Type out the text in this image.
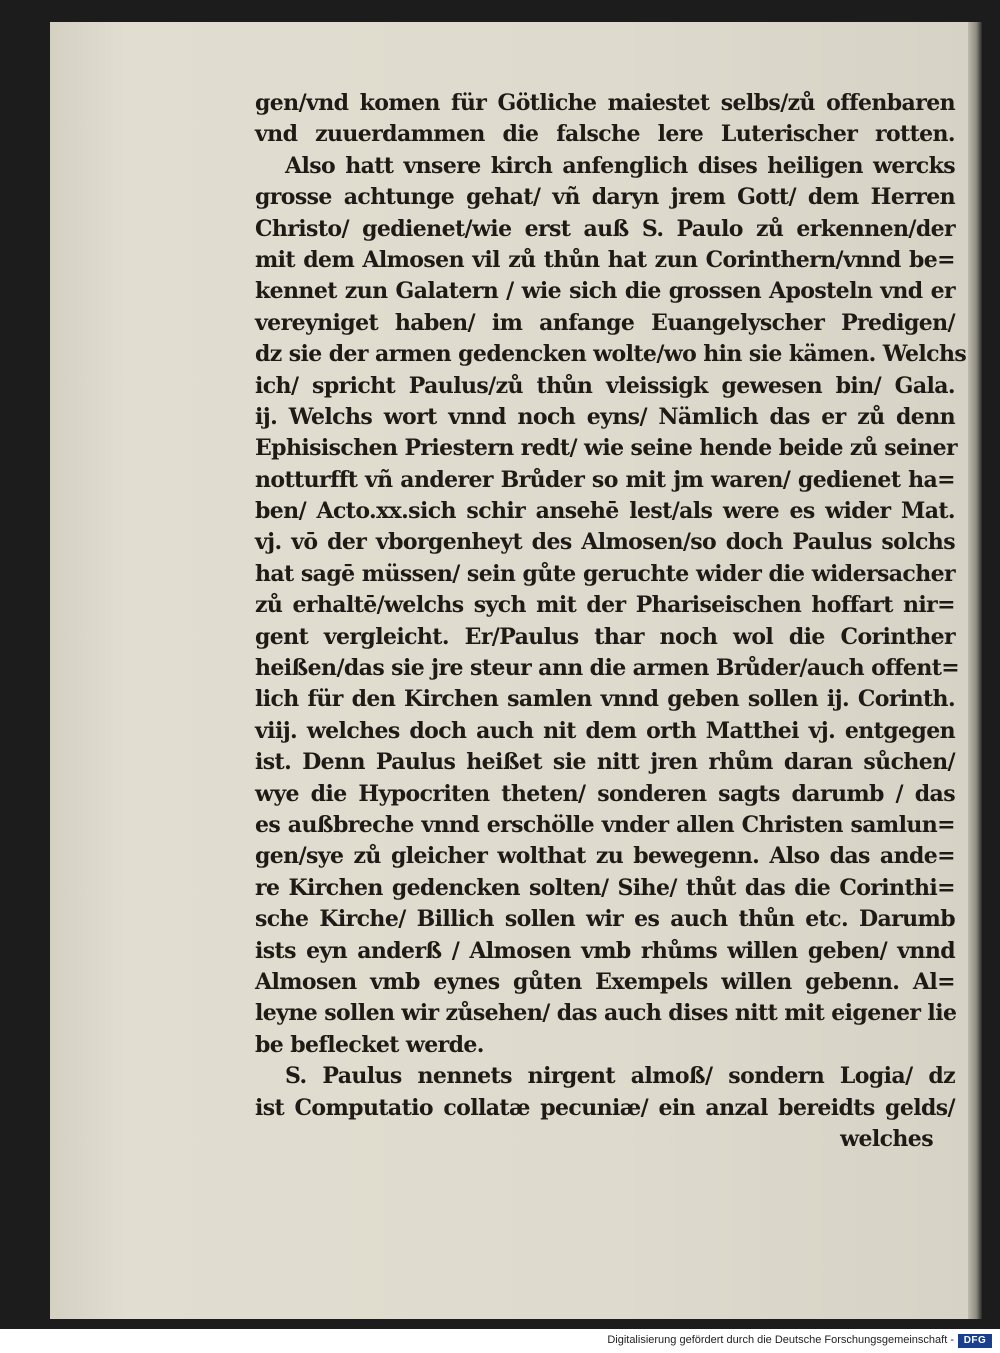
gen/vnd komen für Götliche maiestet selbs/zů offenbaren
vnd zuuerdammen die falsche lere Luterischer rotten.
Also hatt vnsere kirch anfenglich dises heiligen wercks
grosse achtunge gehat/ vñ daryn jrem Gott/ dem Herren
Christo/ gedienet/wie erst auß S. Paulo zů erkennen/der
mit dem Almosen vil zů thůn hat zun Corinthern/vnnd be=
kennet zun Galatern / wie sich die grossen Aposteln vnd er
vereyniget haben/ im anfange Euangelyscher Predigen/
dz sie der armen gedencken wolte/wo hin sie kämen. Welchs
ich/ spricht Paulus/zů thůn vleissigk gewesen bin/ Gala.
ij. Welchs wort vnnd noch eyns/ Nämlich das er zů denn
Ephisischen Priestern redt/ wie seine hende beide zů seiner
notturfft vñ anderer Brůder so mit jm waren/ gedienet ha=
ben/ Acto.xx.sich schir ansehē lest/als were es wider Mat.
vj. vō der vborgenheyt des Almosen/so doch Paulus solchs
hat sagē müssen/ sein gůte geruchte wider die widersacher
zů erhaltē/welchs sych mit der Phariseischen hoffart nir=
gent vergleicht. Er/Paulus thar noch wol die Corinther
heißen/das sie jre steur ann die armen Brůder/auch offent=
lich für den Kirchen samlen vnnd geben sollen ij. Corinth.
viij. welches doch auch nit dem orth Matthei vj. entgegen
ist. Denn Paulus heißet sie nitt jren rhům daran sůchen/
wye die Hypocriten theten/ sonderen sagts darumb / das
es außbreche vnnd erschölle vnder allen Christen samlun=
gen/sye zů gleicher wolthat zu bewegenn. Also das ande=
re Kirchen gedencken solten/ Sihe/ thůt das die Corinthi=
sche Kirche/ Billich sollen wir es auch thůn etc. Darumb
ists eyn anderß / Almosen vmb rhůms willen geben/ vnnd
Almosen vmb eynes gůten Exempels willen gebenn. Al=
leyne sollen wir zůsehen/ das auch dises nitt mit eigener lie
be beflecket werde.
S. Paulus nennets nirgent almoß/ sondern Logia/ dz
ist Computatio collatæ pecuniæ/ ein anzal bereidts gelds/
welches
Digitalisierung gefördert durch die Deutsche Forschungsgemeinschaft - DFG
